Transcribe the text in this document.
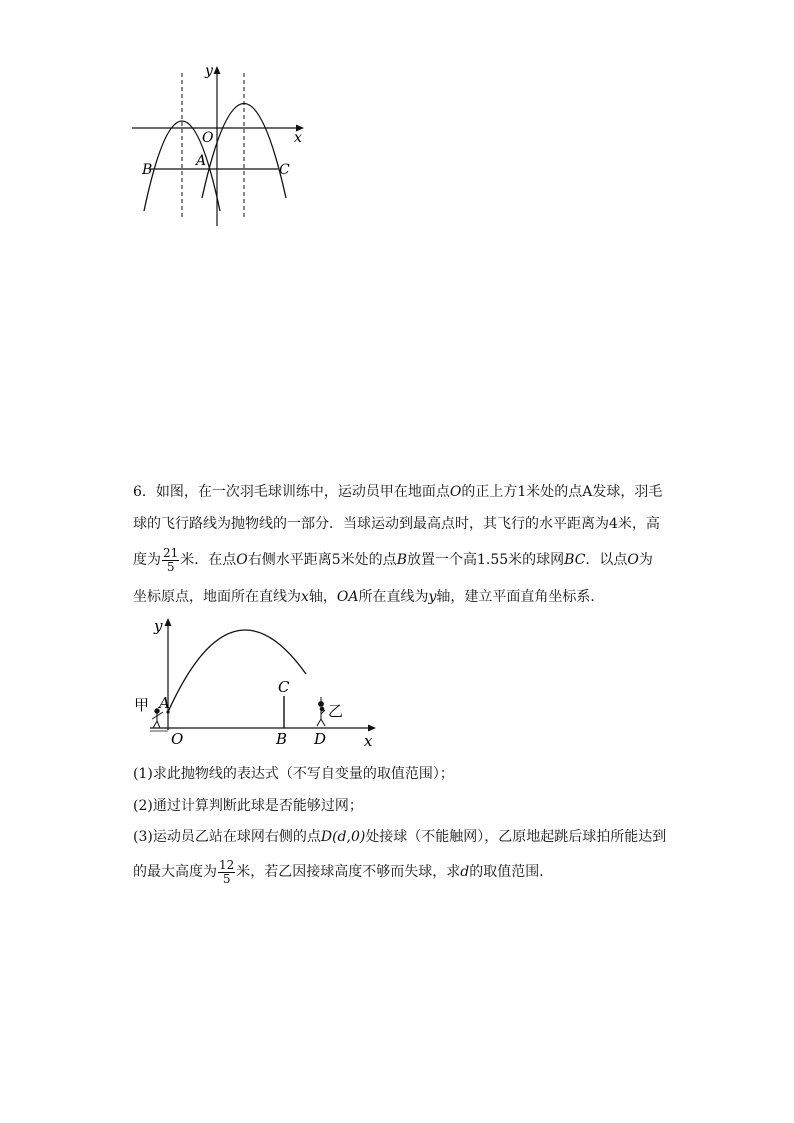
y
x
O
A
B	C
6．如图，在一次羽毛球训练中，运动员甲在地面点O的正上方1米处的点A发球，羽毛
球的飞行路线为抛物线的一部分．当球运动到最高点时，其飞行的水平距离为4米，高
度为 $\frac{21}{5}$ 米．在点O右侧水平距离5米处的点B放置一个高1.55米的球网BC．以点O为
坐标原点，地面所在直线为x轴，OA所在直线为y轴，建立平面直角坐标系．
y
x
O
A
B
C
D
甲	乙
(1)求此抛物线的表达式（不写自变量的取值范围）；
(2)通过计算判断此球是否能够过网；
(3)运动员乙站在球网右侧的点D(d,0)处接球（不能触网），乙原地起跳后球拍所能达到
的最大高度为 $\frac{12}{5}$ 米，若乙因接球高度不够而失球，求d的取值范围．
